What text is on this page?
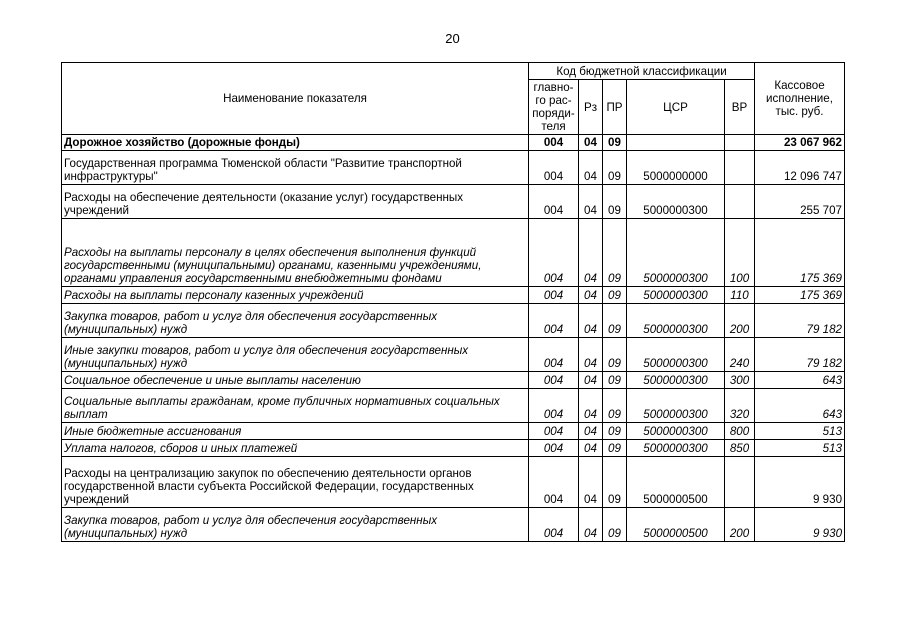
20
Наименование показателя	Код бюджетной классификации					Кассовое исполнение, тыс. руб.
	главно-
го рас-
поряди-
теля	Рз	ПР	ЦСР	ВР	
Дорожное хозяйство (дорожные фонды)	004	04	09			23 067 962
Государственная программа Тюменской области "Развитие транспортной инфраструктуры"	004	04	09	5000000000		12 096 747
Расходы на обеспечение деятельности (оказание услуг) государственных учреждений	004	04	09	5000000300		255 707
Расходы на выплаты персоналу в целях обеспечения выполнения функций государственными (муниципальными) органами, казенными учреждениями, органами управления государственными внебюджетными фондами	004	04	09	5000000300	100	175 369
Расходы на выплаты персоналу казенных учреждений	004	04	09	5000000300	110	175 369
Закупка товаров, работ и услуг для обеспечения государственных (муниципальных) нужд	004	04	09	5000000300	200	79 182
Иные закупки товаров, работ и услуг для обеспечения государственных (муниципальных) нужд	004	04	09	5000000300	240	79 182
Социальное обеспечение и иные выплаты населению	004	04	09	5000000300	300	643
Социальные выплаты гражданам, кроме публичных нормативных социальных выплат	004	04	09	5000000300	320	643
Иные бюджетные ассигнования	004	04	09	5000000300	800	513
Уплата налогов, сборов и иных платежей	004	04	09	5000000300	850	513
Расходы на централизацию закупок по обеспечению деятельности органов государственной власти субъекта Российской Федерации, государственных учреждений	004	04	09	5000000500		9 930
Закупка товаров, работ и услуг для обеспечения государственных (муниципальных) нужд	004	04	09	5000000500	200	9 930
